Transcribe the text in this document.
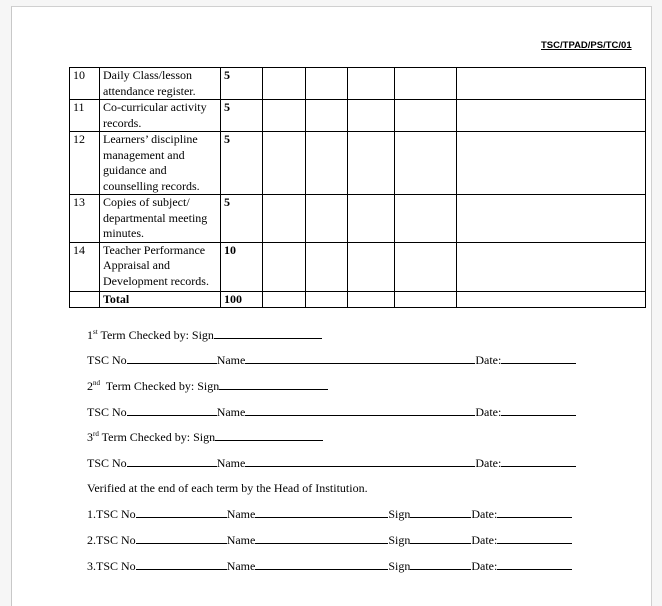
TSC/TPAD/PS/TC/01
10	Daily Class/lesson attendance register.	5					
11	Co-curricular activity records.	5					
12	Learners’ discipline management and guidance and counselling records.	5					
13	Copies of subject/ departmental meeting minutes.	5					
14	Teacher Performance Appraisal and Development records.	10					
	Total	100					
1st Term Checked by: Sign
TSC No	Name	Date:
2nd  Term Checked by: Sign
TSC No	Name	Date:
3rd Term Checked by: Sign
TSC No	Name	Date:
Verified at the end of each term by the Head of Institution.
1.TSC No	Name	Sign	Date:
2.TSC No	Name	Sign	Date:
3.TSC No	Name	Sign	Date:
